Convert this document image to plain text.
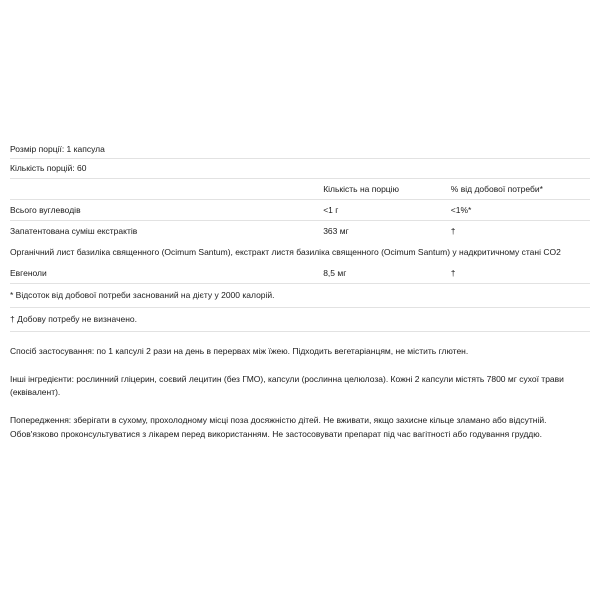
Розмір порції: 1 капсула
Кількість порцій: 60
	Кількість на порцію	% від добової потреби*
Всього вуглеводів	<1 г	<1%*
Запатентована суміш екстрактів	363 мг	†
Органічний лист базиліка священного (Ocimum Santum), екстракт листя базиліка священного (Ocimum Santum) у надкритичному стані CO2		
Евгеноли	8,5 мг	†
* Відсоток від добової потреби заснований на дієту у 2000 калорій.
† Добову потребу не визначено.

Спосіб застосування: по 1 капсулі 2 рази на день в перервах між їжею. Підходить вегетаріанцям, не містить глютен.

Інші інгредієнти: рослинний гліцерин, соєвий лецитин (без ГМО), капсули (рослинна целюлоза). Кожні 2 капсули містять 7800 мг сухої трави (еквівалент).

Попередження: зберігати в сухому, прохолодному місці поза досяжністю дітей. Не вживати, якщо захисне кільце зламано або відсутній. Обов'язково проконсультуватися з лікарем перед використанням. Не застосовувати препарат під час вагітності або годування груддю.
